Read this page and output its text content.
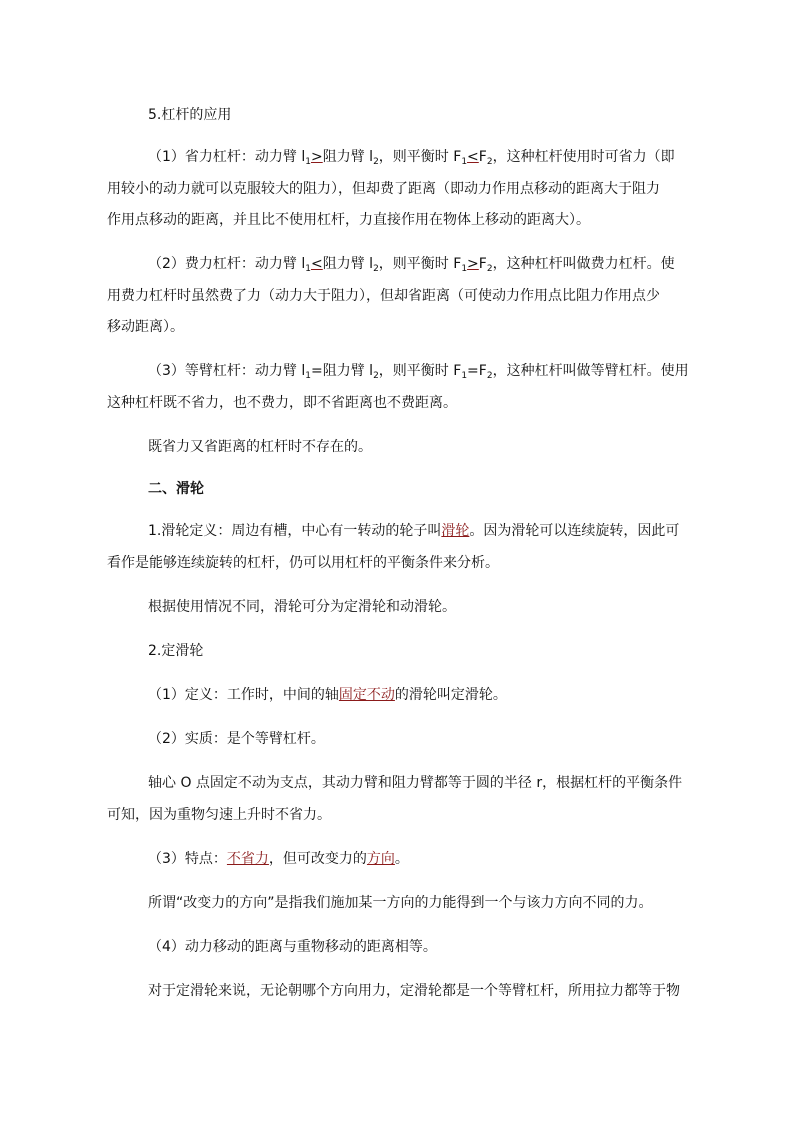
5.杠杆的应用
（1）省力杠杆：动力臂 $l_1>$阻力臂 $l_2$，则平衡时 $F_1<F_2$，这种杠杆使用时可省力（即
用较小的动力就可以克服较大的阻力），但却费了距离（即动力作用点移动的距离大于阻力
作用点移动的距离，并且比不使用杠杆，力直接作用在物体上移动的距离大）。
（2）费力杠杆：动力臂 $l_1<$阻力臂 $l_2$，则平衡时 $F_1>F_2$，这种杠杆叫做费力杠杆。使
用费力杠杆时虽然费了力（动力大于阻力），但却省距离（可使动力作用点比阻力作用点少
移动距离）。
（3）等臂杠杆：动力臂 $l_1=$阻力臂 $l_2$，则平衡时 $F_1=F_2$，这种杠杆叫做等臂杠杆。使用
这种杠杆既不省力，也不费力，即不省距离也不费距离。
既省力又省距离的杠杆时不存在的。
二、滑轮
1.滑轮定义：周边有槽，中心有一转动的轮子叫滑轮。因为滑轮可以连续旋转，因此可
看作是能够连续旋转的杠杆，仍可以用杠杆的平衡条件来分析。
根据使用情况不同，滑轮可分为定滑轮和动滑轮。
2.定滑轮
（1）定义：工作时，中间的轴固定不动的滑轮叫定滑轮。
（2）实质：是个等臂杠杆。
轴心 O 点固定不动为支点，其动力臂和阻力臂都等于圆的半径 r，根据杠杆的平衡条件
可知，因为重物匀速上升时不省力。
（3）特点：不省力，但可改变力的方向。
所谓“改变力的方向”是指我们施加某一方向的力能得到一个与该力方向不同的力。
（4）动力移动的距离与重物移动的距离相等。
对于定滑轮来说，无论朝哪个方向用力，定滑轮都是一个等臂杠杆，所用拉力都等于物
